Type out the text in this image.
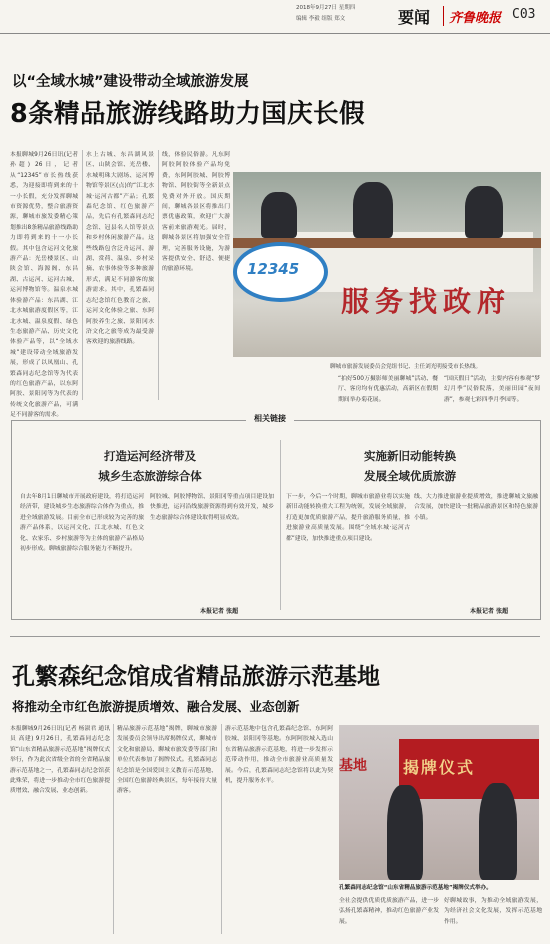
2018年9月27日 星期四
编辑 李毅 组版 郑文	要闻 齐鲁晚报 C03
以“全域水城”建设带动全域旅游发展
8条精品旅游线路助力国庆长假
本报聊城9月26日讯(记者 孙超) 26日，记者从“12345”市长热线获悉，为迎接即将到来的十一小长假，充分发挥聊城市资源优势，整合旅游资源，聊城市旅发委精心策划推出8条精品旅游线路助力即将到来的十一小长假。其中包含运河文化旅游产品：光岳楼景区、山陕会馆、海源阁、东昌湖、古运河、运河古城、运河博物馆等。温泉水城体验游产品：东昌湖、江北水城旅游度假区等，江北水城、温泉度假、绿色生态旅游产品、历史文化体验产品等，以“全域水城”建设带动全域旅游发展，形成了以凤凰山、孔繁森同志纪念馆等为代表的红色旅游产品，以东阿阿胶、景阳冈等为代表的传统文化旅游产品，可满足不同游客的需求。
水上古城、东昌湖风景区、山陕会馆、光岳楼、水城明珠大剧场、运河博物馆等景区(点)的“江北水城·运河古都”产品；孔繁森纪念馆、红色旅游产品，先后有孔繁森同志纪念馆、冠县名人馆等景点和乡村休闲旅游产品。这些线路包含泛舟运河、游湖、赏荷、温泉、乡村采摘、农事体验等多种旅游形式，满足不同游客的旅游需求。其中，孔繁森同志纪念馆红色教育之旅、运河文化体验之旅、东阿阿胶养生之旅、景阳冈水浒文化之旅等成为最受游客欢迎的旅游线路。
线，体验民俗游。凡东阿阿胶阿胶体验产品均免费，东阿阿胶城、阿胶博物馆、阿胶街等全新景点免费对外开放。国庆期间，聊城各景区将推出门票优惠政策，欢迎广大游客前来旅游观光。届时，聊城各景区将加强安全管理，完善服务设施，为游客提供安全、舒适、便捷的旅游环境。	12345
服务找政府
聊城市旅游发展委员会党组书记、主任刘光明接受市长热线。
“拍好500万摄影师美丽聊城”活动、餐厅、客房均有优惠活动，高新区在假期期间举办菊花展。
“国庆假日”活动，主要内容有参观“梦幻月季”民俗院落，美丽田园“夜间游”，参观七彩四季月季园等。
相关链接
打造运河经济带及
城乡生态旅游综合体
自去年8月1日聊城市开展政府建设，将打造运河经济带，建设城乡生态旅游综合体作为重点，推进全域旅游发展。目前全市已形成较为完善的旅游产品体系，以运河文化、江北水城、红色文化、农家乐、乡村旅游等为主体的旅游产品格局初步形成。聊城旅游综合服务能力不断提升。
阿胶城、阿胶博物馆、景阳冈等重点项目建设加快推进，运河沿线旅游资源得到有效开发，城乡生态旅游综合体建设取得明显成效。
本报记者 张超
实施新旧动能转换
发展全域优质旅游
下一步，今后一个时期，聊城市旅游业将以实施新旧动能转换重大工程为统领，发展全域旅游，打造更加优质旅游产品，提升旅游服务质量，推进旅游业高质量发展。围绕“全域水城·运河古都”建设，加快推进重点项目建设。
线、大力推进旅游业提质增效，推进聊城文旅融合发展，加快建设一批精品旅游景区和特色旅游小镇。
本报记者 张超
孔繁森纪念馆成省精品旅游示范基地
将推动全市红色旅游提质增效、融合发展、业态创新
本报聊城9月26日讯(记者 杨淑君 通讯员 高建) 9月26日，孔繁森同志纪念馆“山东省精品旅游示范基地”揭牌仪式举行，作为此次省级全省的全省精品旅游示范基地之一，孔繁森同志纪念馆获此殊荣，将进一步推动全市红色旅游提质增效、融合发展、业态创新。
精品旅游示范基地”揭牌，聊城市旅游发展委员会领导出席揭牌仪式，聊城市文化和旅游局、聊城市旅发委等部门和单位代表参加了揭牌仪式。孔繁森同志纪念馆是全国爱国主义教育示范基地、全国红色旅游经典景区，每年接待大量游客。
游示范基地中包含孔繁森纪念馆、东阿阿胶城、景阳冈等基地。东阿阿胶城入选山东省精品旅游示范基地，将进一步发挥示范带动作用，推动全市旅游业高质量发展。今后，孔繁森同志纪念馆将以此为契机，提升服务水平。
基地 揭牌仪式
孔繁森同志纪念馆“山东省精品旅游示范基地”揭牌仪式举办。
全社会提供优质优质旅游产品，进一步弘扬孔繁森精神，推动红色旅游产业发展。
好聊城故事，为推动全域旅游发展，为经济社会文化发展，发挥示范基地作用。
